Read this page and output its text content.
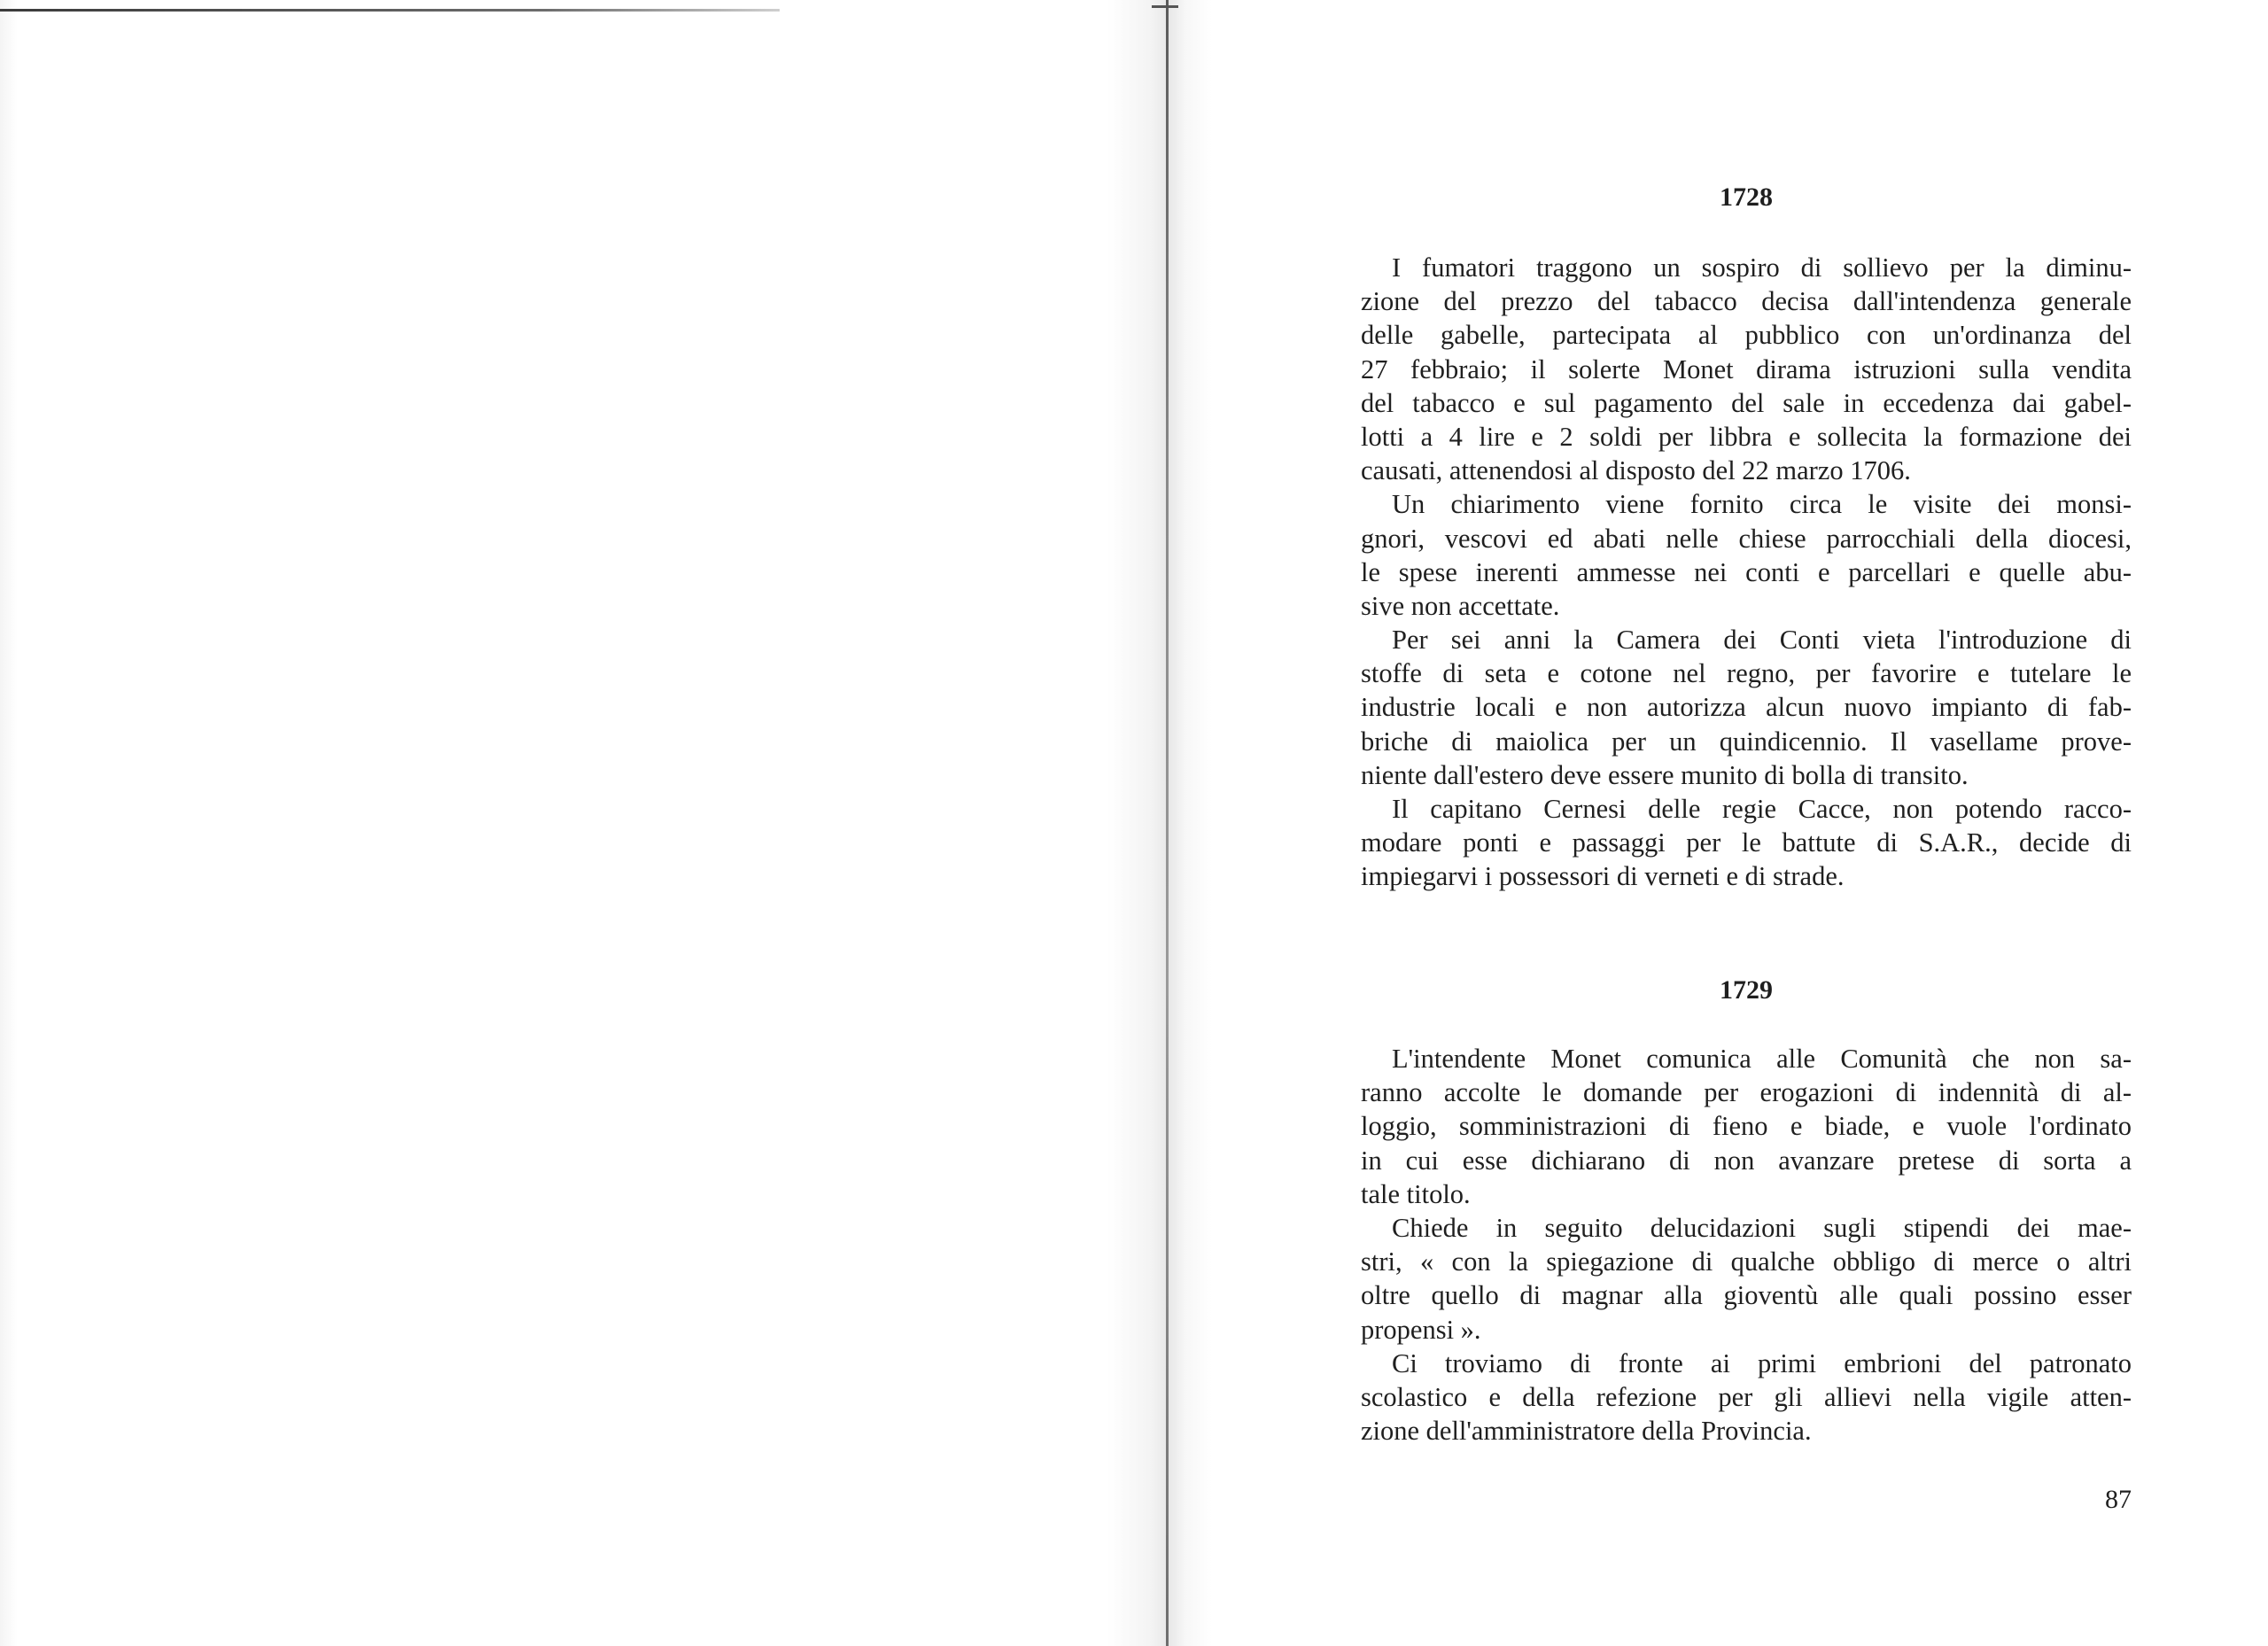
1728
I fumatori traggono un sospiro di sollievo per la diminu-
zione del prezzo del tabacco decisa dall'intendenza generale
delle gabelle, partecipata al pubblico con un'ordinanza del
27 febbraio; il solerte Monet dirama istruzioni sulla vendita
del tabacco e sul pagamento del sale in eccedenza dai gabel-
lotti a 4 lire e 2 soldi per libbra e sollecita la formazione dei
causati, attenendosi al disposto del 22 marzo 1706.
Un chiarimento viene fornito circa le visite dei monsi-
gnori, vescovi ed abati nelle chiese parrocchiali della diocesi,
le spese inerenti ammesse nei conti e parcellari e quelle abu-
sive non accettate.
Per sei anni la Camera dei Conti vieta l'introduzione di
stoffe di seta e cotone nel regno, per favorire e tutelare le
industrie locali e non autorizza alcun nuovo impianto di fab-
briche di maiolica per un quindicennio. Il vasellame prove-
niente dall'estero deve essere munito di bolla di transito.
Il capitano Cernesi delle regie Cacce, non potendo racco-
modare ponti e passaggi per le battute di S.A.R., decide di
impiegarvi i possessori di verneti e di strade.
1729
L'intendente Monet comunica alle Comunità che non sa-
ranno accolte le domande per erogazioni di indennità di al-
loggio, somministrazioni di fieno e biade, e vuole l'ordinato
in cui esse dichiarano di non avanzare pretese di sorta a
tale titolo.
Chiede in seguito delucidazioni sugli stipendi dei mae-
stri, « con la spiegazione di qualche obbligo di merce o altri
oltre quello di magnar alla gioventù alle quali possino esser
propensi ».
Ci troviamo di fronte ai primi embrioni del patronato
scolastico e della refezione per gli allievi nella vigile atten-
zione dell'amministratore della Provincia.
87
